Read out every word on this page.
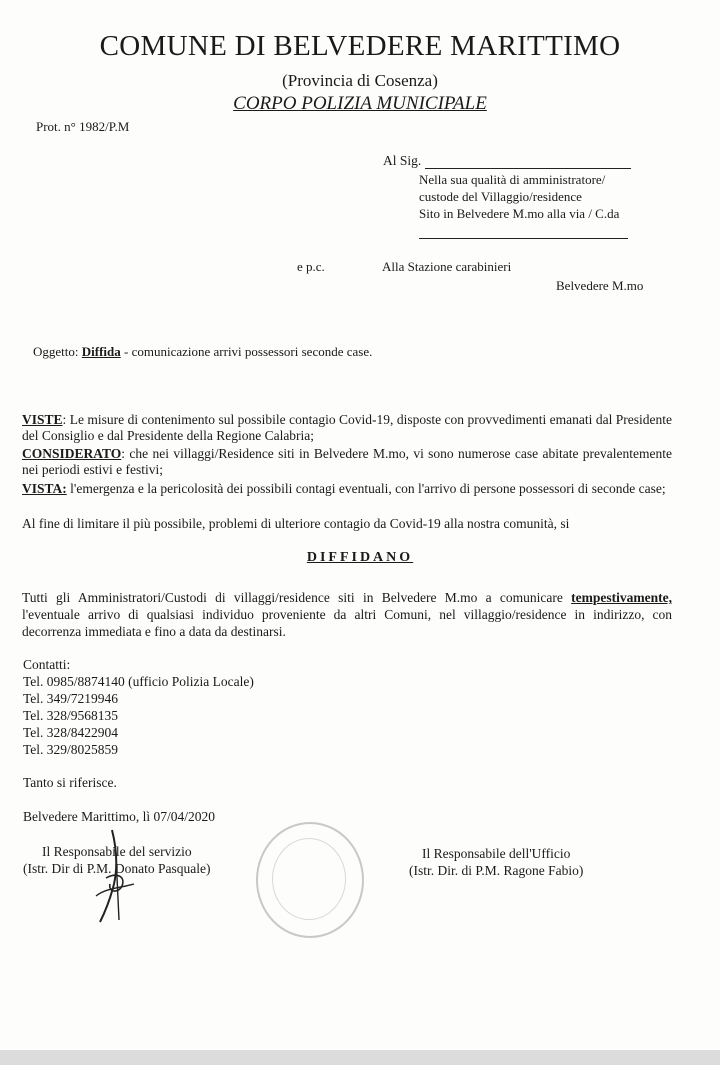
COMUNE DI BELVEDERE MARITTIMO
(Provincia di Cosenza)
CORPO POLIZIA MUNICIPALE
Prot. n° 1982/P.M
Al Sig.
Nella sua qualità di amministratore/
custode del Villaggio/residence
Sito in Belvedere M.mo alla via / C.da
e p.c.	Alla Stazione carabinieri
Belvedere M.mo
Oggetto: Diffida - comunicazione arrivi possessori seconde case.
VISTE: Le misure di contenimento sul possibile contagio Covid-19, disposte con provvedimenti emanati dal Presidente del Consiglio e dal Presidente della Regione Calabria;
CONSIDERATO: che nei villaggi/Residence siti in Belvedere M.mo, vi sono numerose case abitate prevalentemente nei periodi estivi e festivi;
VISTA: l'emergenza e la pericolosità dei possibili contagi eventuali, con l'arrivo di persone possessori di seconde case;
Al fine di limitare il più possibile, problemi di ulteriore contagio da Covid-19 alla nostra comunità, si
DIFFIDANO
Tutti gli Amministratori/Custodi di villaggi/residence siti in Belvedere M.mo a comunicare tempestivamente, l'eventuale arrivo di qualsiasi individuo proveniente da altri Comuni, nel villaggio/residence in indirizzo, con decorrenza immediata e fino a data da destinarsi.
Contatti:
Tel. 0985/8874140 (ufficio Polizia Locale)
Tel. 349/7219946
Tel. 328/9568135
Tel. 328/8422904
Tel. 329/8025859
Tanto si riferisce.
Belvedere Marittimo, lì 07/04/2020
Il Responsabile del servizio
(Istr. Dir di P.M. Donato Pasquale)
Il Responsabile dell'Ufficio
(Istr. Dir. di P.M. Ragone Fabio)
